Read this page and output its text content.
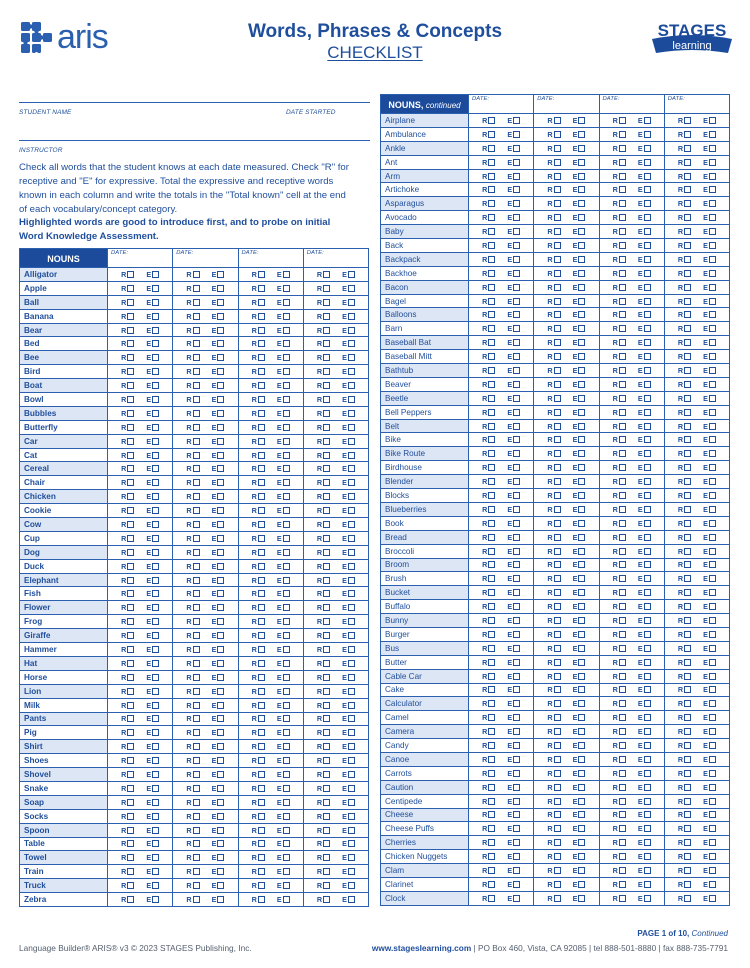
aris	Words, Phrases & Concepts
CHECKLIST
STAGES
learning
STUDENT NAME	DATE STARTED
INSTRUCTOR
Check all words that the student knows at each date measured. Check "R" for receptive and "E" for expressive. Total the expressive and receptive words known in each column and write the totals in the "Total known" cell at the end of each vocabulary/concept category.
Highlighted words are good to introduce first, and to probe on initial Word Knowledge Assessment.
NOUNS	DATE:	DATE:	DATE:	DATE:
Alligator	R E	R E	R E	R E
Apple	R E	R E	R E	R E
Ball	R E	R E	R E	R E
Banana	R E	R E	R E	R E
Bear	R E	R E	R E	R E
Bed	R E	R E	R E	R E
Bee	R E	R E	R E	R E
Bird	R E	R E	R E	R E
Boat	R E	R E	R E	R E
Bowl	R E	R E	R E	R E
Bubbles	R E	R E	R E	R E
Butterfly	R E	R E	R E	R E
Car	R E	R E	R E	R E
Cat	R E	R E	R E	R E
Cereal	R E	R E	R E	R E
Chair	R E	R E	R E	R E
Chicken	R E	R E	R E	R E
Cookie	R E	R E	R E	R E
Cow	R E	R E	R E	R E
Cup	R E	R E	R E	R E
Dog	R E	R E	R E	R E
Duck	R E	R E	R E	R E
Elephant	R E	R E	R E	R E
Fish	R E	R E	R E	R E
Flower	R E	R E	R E	R E
Frog	R E	R E	R E	R E
Giraffe	R E	R E	R E	R E
Hammer	R E	R E	R E	R E
Hat	R E	R E	R E	R E
Horse	R E	R E	R E	R E
Lion	R E	R E	R E	R E
Milk	R E	R E	R E	R E
Pants	R E	R E	R E	R E
Pig	R E	R E	R E	R E
Shirt	R E	R E	R E	R E
Shoes	R E	R E	R E	R E
Shovel	R E	R E	R E	R E
Snake	R E	R E	R E	R E
Soap	R E	R E	R E	R E
Socks	R E	R E	R E	R E
Spoon	R E	R E	R E	R E
Table	R E	R E	R E	R E
Towel	R E	R E	R E	R E
Train	R E	R E	R E	R E
Truck	R E	R E	R E	R E
Zebra	R E	R E	R E	R E
NOUNS, continued	DATE:	DATE:	DATE:	DATE:
Airplane	R E	R E	R E	R E
Ambulance	R E	R E	R E	R E
Ankle	R E	R E	R E	R E
Ant	R E	R E	R E	R E
Arm	R E	R E	R E	R E
Artichoke	R E	R E	R E	R E
Asparagus	R E	R E	R E	R E
Avocado	R E	R E	R E	R E
Baby	R E	R E	R E	R E
Back	R E	R E	R E	R E
Backpack	R E	R E	R E	R E
Backhoe	R E	R E	R E	R E
Bacon	R E	R E	R E	R E
Bagel	R E	R E	R E	R E
Balloons	R E	R E	R E	R E
Barn	R E	R E	R E	R E
Baseball Bat	R E	R E	R E	R E
Baseball Mitt	R E	R E	R E	R E
Bathtub	R E	R E	R E	R E
Beaver	R E	R E	R E	R E
Beetle	R E	R E	R E	R E
Bell Peppers	R E	R E	R E	R E
Belt	R E	R E	R E	R E
Bike	R E	R E	R E	R E
Bike Route	R E	R E	R E	R E
Birdhouse	R E	R E	R E	R E
Blender	R E	R E	R E	R E
Blocks	R E	R E	R E	R E
Blueberries	R E	R E	R E	R E
Book	R E	R E	R E	R E
Bread	R E	R E	R E	R E
Broccoli	R E	R E	R E	R E
Broom	R E	R E	R E	R E
Brush	R E	R E	R E	R E
Bucket	R E	R E	R E	R E
Buffalo	R E	R E	R E	R E
Bunny	R E	R E	R E	R E
Burger	R E	R E	R E	R E
Bus	R E	R E	R E	R E
Butter	R E	R E	R E	R E
Cable Car	R E	R E	R E	R E
Cake	R E	R E	R E	R E
Calculator	R E	R E	R E	R E
Camel	R E	R E	R E	R E
Camera	R E	R E	R E	R E
Candy	R E	R E	R E	R E
Canoe	R E	R E	R E	R E
Carrots	R E	R E	R E	R E
Caution	R E	R E	R E	R E
Centipede	R E	R E	R E	R E
Cheese	R E	R E	R E	R E
Cheese Puffs	R E	R E	R E	R E
Cherries	R E	R E	R E	R E
Chicken Nuggets	R E	R E	R E	R E
Clam	R E	R E	R E	R E
Clarinet	R E	R E	R E	R E
Clock	R E	R E	R E	R E
PAGE 1 of 10, Continued
Language Builder® ARIS® v3 © 2023 STAGES Publishing, Inc.	www.stageslearning.com | PO Box 460, Vista, CA 92085 | tel 888-501-8880 | fax 888-735-7791
